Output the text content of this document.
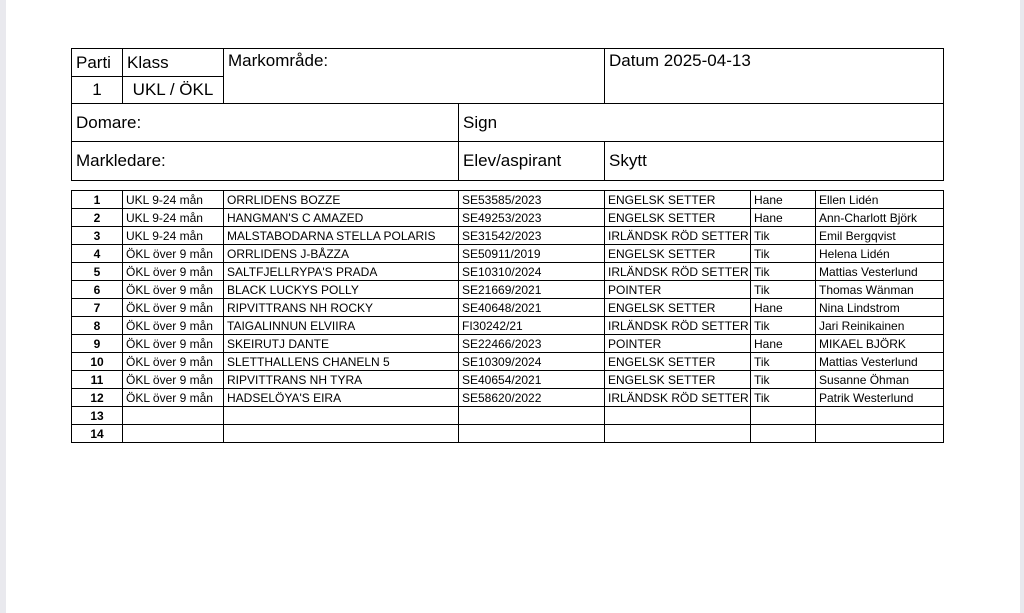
Parti	Klass	Markområde:		Datum 2025-04-13
1	UKL / ÖKL			
Domare:			Sign	
Markledare:			Elev/aspirant	Skytt
1	UKL 9-24 mån	ORRLIDENS BOZZE	SE53585/2023	ENGELSK SETTER	Hane	Ellen Lidén
2	UKL 9-24 mån	HANGMAN'S C AMAZED	SE49253/2023	ENGELSK SETTER	Hane	Ann-Charlott Björk
3	UKL 9-24 mån	MALSTABODARNA STELLA POLARIS	SE31542/2023	IRLÄNDSK RÖD SETTER	Tik	Emil Bergqvist
4	ÖKL över 9 mån	ORRLIDENS J-BÅZZA	SE50911/2019	ENGELSK SETTER	Tik	Helena Lidén
5	ÖKL över 9 mån	SALTFJELLRYPA'S PRADA	SE10310/2024	IRLÄNDSK RÖD SETTER	Tik	Mattias Vesterlund
6	ÖKL över 9 mån	BLACK LUCKYS POLLY	SE21669/2021	POINTER	Tik	Thomas Wänman
7	ÖKL över 9 mån	RIPVITTRANS NH ROCKY	SE40648/2021	ENGELSK SETTER	Hane	Nina Lindstrom
8	ÖKL över 9 mån	TAIGALINNUN ELVIIRA	FI30242/21	IRLÄNDSK RÖD SETTER	Tik	Jari Reinikainen
9	ÖKL över 9 mån	SKEIRUTJ DANTE	SE22466/2023	POINTER	Hane	MIKAEL BJÖRK
10	ÖKL över 9 mån	SLETTHALLENS CHANELN 5	SE10309/2024	ENGELSK SETTER	Tik	Mattias Vesterlund
11	ÖKL över 9 mån	RIPVITTRANS NH TYRA	SE40654/2021	ENGELSK SETTER	Tik	Susanne Öhman
12	ÖKL över 9 mån	HADSELÖYA'S EIRA	SE58620/2022	IRLÄNDSK RÖD SETTER	Tik	Patrik Westerlund
13						
14						
